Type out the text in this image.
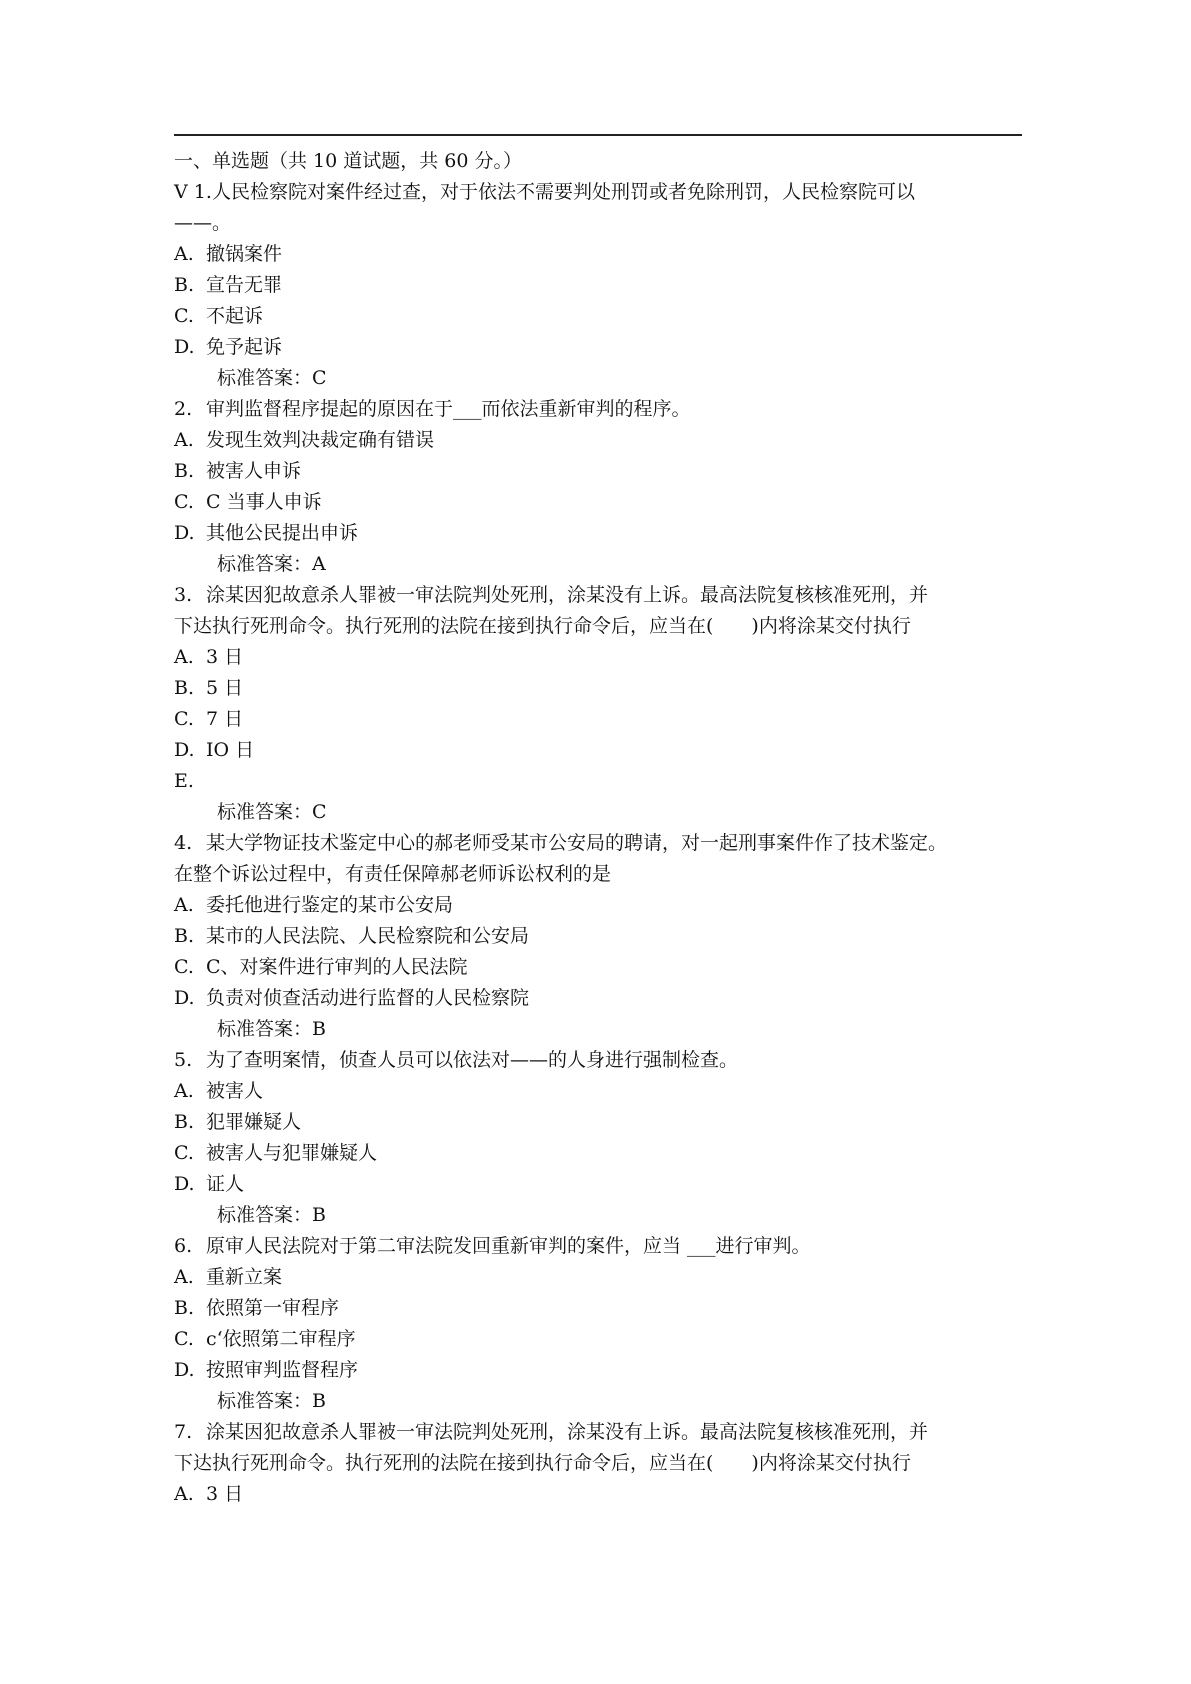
一、单选题（共 10 道试题，共 60 分。）
V 1.人民检察院对案件经过查，对于依法不需要判处刑罚或者免除刑罚，人民检察院可以
——。
A. 撤锅案件
B. 宣告无罪
C. 不起诉
D. 免予起诉
标准答案：C
2. 审判监督程序提起的原因在于___而依法重新审判的程序。
A. 发现生效判决裁定确有错误
B. 被害人申诉
C. C 当事人申诉
D. 其他公民提出申诉
标准答案：A
3. 涂某因犯故意杀人罪被一审法院判处死刑，涂某没有上诉。最高法院复核核准死刑，并
下达执行死刑命令。执行死刑的法院在接到执行命令后，应当在(　　)内将涂某交付执行
A. 3 日
B. 5 日
C. 7 日
D. IO 日
E.
标准答案：C
4. 某大学物证技术鉴定中心的郝老师受某市公安局的聘请，对一起刑事案件作了技术鉴定。
在整个诉讼过程中，有责任保障郝老师诉讼权利的是
A. 委托他进行鉴定的某市公安局
B. 某市的人民法院、人民检察院和公安局
C. C、对案件进行审判的人民法院
D. 负责对侦查活动进行监督的人民检察院
标准答案：B
5. 为了查明案情，侦查人员可以依法对——的人身进行强制检查。
A. 被害人
B. 犯罪嫌疑人
C. 被害人与犯罪嫌疑人
D. 证人
标准答案：B
6. 原审人民法院对于第二审法院发回重新审判的案件，应当 ___进行审判。
A. 重新立案
B. 依照第一审程序
C. c‘依照第二审程序
D. 按照审判监督程序
标准答案：B
7. 涂某因犯故意杀人罪被一审法院判处死刑，涂某没有上诉。最高法院复核核准死刑，并
下达执行死刑命令。执行死刑的法院在接到执行命令后，应当在(　　)内将涂某交付执行
A. 3 日
